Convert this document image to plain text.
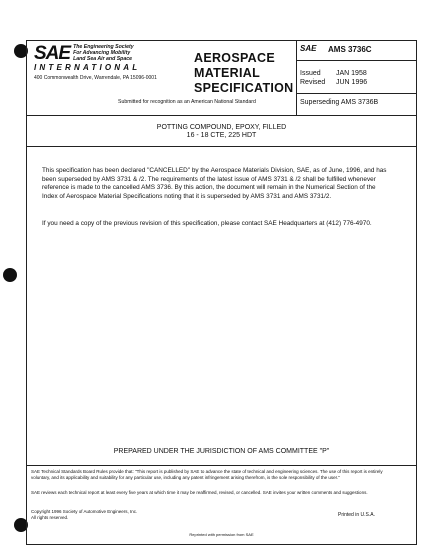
SAE The Engineering Society
For Advancing Mobility
Land Sea Air and Space
INTERNATIONAL
400 Commonwealth Drive, Warrendale, PA 15096-0001
AEROSPACE
MATERIAL
SPECIFICATION
Submitted for recognition as an American National Standard
SAE AMS 3736C
Issued JAN 1958
Revised JUN 1996
Superseding AMS 3736B
POTTING COMPOUND, EPOXY, FILLED
16 - 18 CTE, 225 HDT
This specification has been declared "CANCELLED" by the Aerospace Materials Division, SAE, as of June, 1996, and has been superseded by AMS 3731 & /2. The requirements of the latest issue of AMS 3731 & /2 shall be fulfilled whenever reference is made to the cancelled AMS 3736. By this action, the document will remain in the Numerical Section of the Index of Aerospace Material Specifications noting that it is superseded by AMS 3731 and AMS 3731/2.
If you need a copy of the previous revision of this specification, please contact SAE Headquarters at (412) 776-4970.
PREPARED UNDER THE JURISDICTION OF AMS COMMITTEE "P"
SAE Technical Standards Board Rules provide that: "This report is published by SAE to advance the state of technical and engineering sciences. The use of this report is entirely voluntary, and its applicability and suitability for any particular use, including any patent infringement arising therefrom, is the sole responsibility of the user."
SAE reviews each technical report at least every five years at which time it may be reaffirmed, revised, or cancelled. SAE invites your written comments and suggestions.
Copyright 1996 Society of Automotive Engineers, Inc.
All rights reserved.	Printed in U.S.A.
Reprinted with permission from SAE
